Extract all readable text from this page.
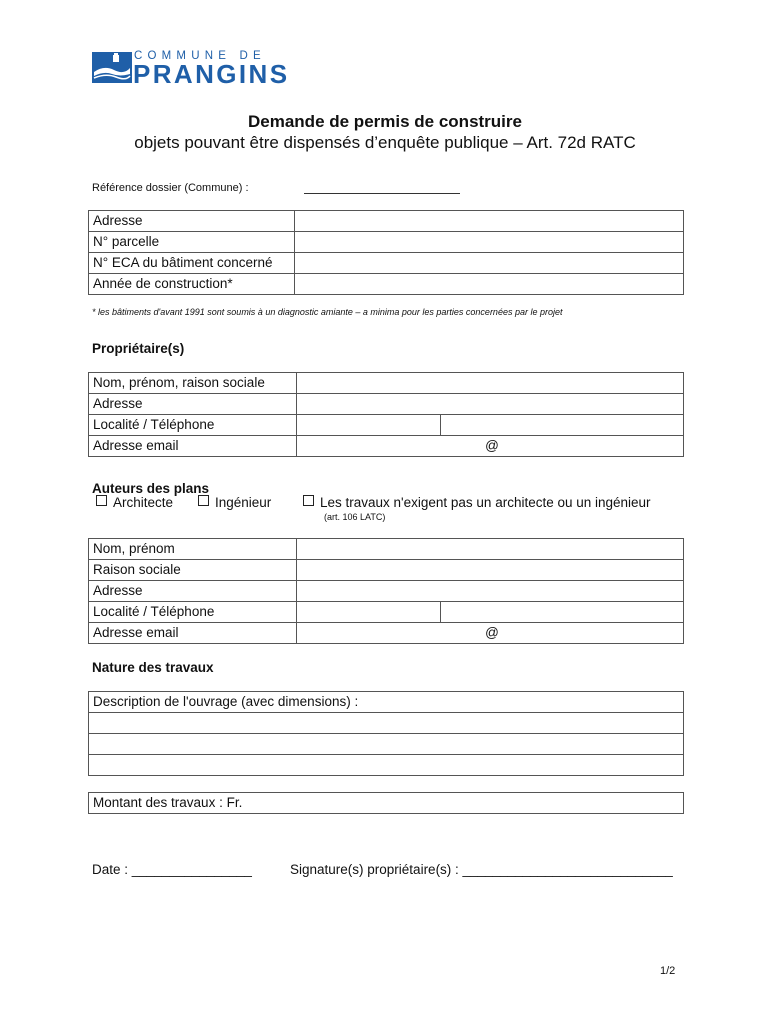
COMMUNE DE
PRANGINS
Demande de permis de construire
objets pouvant être dispensés d’enquête publique – Art. 72d RATC
Référence dossier (Commune) :
Adresse	
N° parcelle	
N° ECA du bâtiment concerné	
Année de construction*	
* les bâtiments d'avant 1991 sont soumis à un diagnostic amiante – a minima pour les parties concernées par le projet
Propriétaire(s)
Nom, prénom, raison sociale		
Adresse		
Localité / Téléphone		
Adresse email	@	
Auteurs des plans
Architecte	Ingénieur	Les travaux n'exigent pas un architecte ou un ingénieur
(art. 106 LATC)
Nom, prénom		
Raison sociale		
Adresse		
Localité / Téléphone		
Adresse email	@	
Nature des travaux
Description de l'ouvrage (avec dimensions) :

Montant des travaux : Fr.
Date : ________________	Signature(s) propriétaire(s) : ____________________________
1/2
